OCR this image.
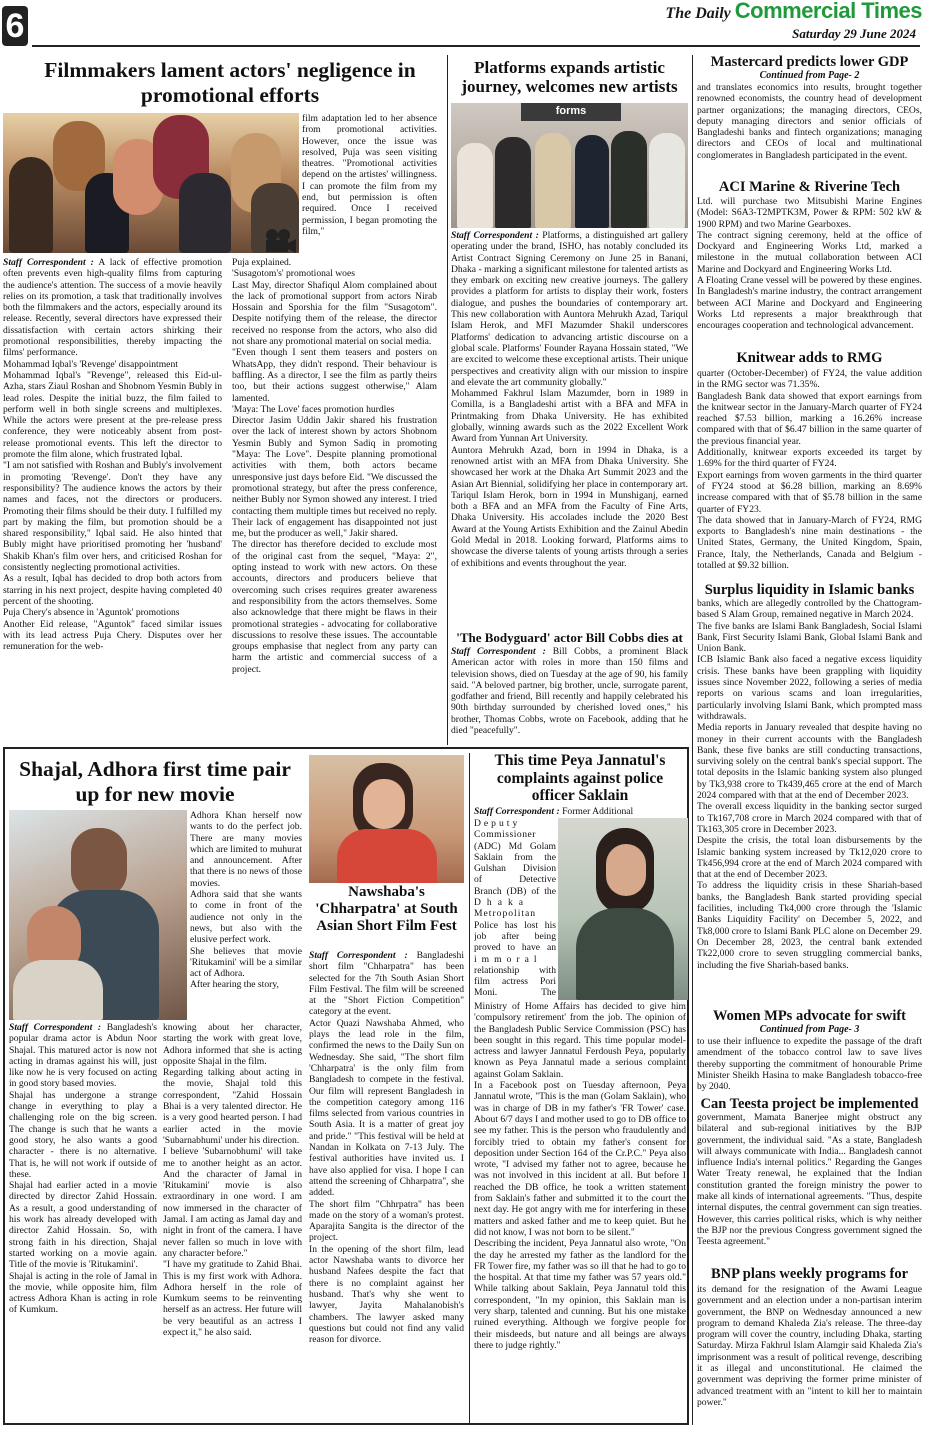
6	The Daily Commercial Times
Saturday 29 June 2024
Filmmakers lament actors' negligence in promotional efforts
film adaptation led to her absence from promotional activities. However, once the issue was resolved, Puja was seen visiting theatres. "Promotional activities depend on the artistes' willingness. I can promote the film from my end, but permission is often required. Once I received permission, I began promoting the film,"
Staff Correspondent : A lack of effective promotion often prevents even high-quality films from capturing the audience's attention. The success of a movie heavily relies on its promotion, a task that traditionally involves both the filmmakers and the actors, especially around its release. Recently, several directors have expressed their dissatisfaction with certain actors shirking their promotional responsibilities, thereby impacting the films' performance.
Mohammad Iqbal's 'Revenge' disappointment
Mohammad Iqbal's "Revenge", released this Eid-ul-Azha, stars Ziaul Roshan and Shobnom Yesmin Bubly in lead roles. Despite the initial buzz, the film failed to perform well in both single screens and multiplexes. While the actors were present at the pre-release press conference, they were noticeably absent from post-release promotional events. This left the director to promote the film alone, which frustrated Iqbal.
"I am not satisfied with Roshan and Bubly's involvement in promoting 'Revenge'. Don't they have any responsibility? The audience knows the actors by their names and faces, not the directors or producers. Promoting their films should be their duty. I fulfilled my part by making the film, but promotion should be a shared responsibility," Iqbal said. He also hinted that Bubly might have prioritised promoting her 'husband' Shakib Khan's film over hers, and criticised Roshan for consistently neglecting promotional activities.
As a result, Iqbal has decided to drop both actors from starring in his next project, despite having completed 40 percent of the shooting.
Puja Chery's absence in 'Aguntok' promotions
Another Eid release, "Aguntok" faced similar issues with its lead actress Puja Chery. Disputes over her remuneration for the web-
Puja explained.
'Susagotom's' promotional woes
Last May, director Shafiqul Alom complained about the lack of promotional support from actors Nirab Hossain and Sporshia for the film "Susagotom". Despite notifying them of the release, the director received no response from the actors, who also did not share any promotional material on social media.
"Even though I sent them teasers and posters on WhatsApp, they didn't respond. Their behaviour is baffling. As a director, I see the film as partly theirs too, but their actions suggest otherwise," Alam lamented.
'Maya: The Love' faces promotion hurdles
Director Jasim Uddin Jakir shared his frustration over the lack of interest shown by actors Shobnom Yesmin Bubly and Symon Sadiq in promoting "Maya: The Love". Despite planning promotional activities with them, both actors became unresponsive just days before Eid. "We discussed the promotional strategy, but after the press conference, neither Bubly nor Symon showed any interest. I tried contacting them multiple times but received no reply. Their lack of engagement has disappointed not just me, but the producer as well," Jakir shared.
The director has therefore decided to exclude most of the original cast from the sequel, "Maya: 2", opting instead to work with new actors. On these accounts, directors and producers believe that overcoming such crises requires greater awareness and responsibility from the actors themselves. Some also acknowledge that there might be flaws in their promotional strategies - advocating for collaborative discussions to resolve these issues. The accountable groups emphasise that neglect from any party can harm the artistic and commercial success of a project.
Platforms expands artistic journey, welcomes new artists
forms
Staff Correspondent : Platforms, a distinguished art gallery operating under the brand, ISHO, has notably concluded its Artist Contract Signing Ceremony on June 25 in Banani, Dhaka - marking a significant milestone for talented artists as they embark on exciting new creative journeys. The gallery provides a platform for artists to display their work, fosters dialogue, and pushes the boundaries of contemporary art. This new collaboration with Auntora Mehrukh Azad, Tariqul Islam Herok, and MFI Mazumder Shakil underscores Platforms' dedication to advancing artistic discourse on a global scale. Platforms' Founder Rayana Hossain stated, "We are excited to welcome these exceptional artists. Their unique perspectives and creativity align with our mission to inspire and elevate the art community globally."
Mohammed Fakhrul Islam Mazumder, born in 1989 in Comilla, is a Bangladeshi artist with a BFA and MFA in Printmaking from Dhaka University. He has exhibited globally, winning awards such as the 2022 Excellent Work Award from Yunnan Art University.
Auntora Mehrukh Azad, born in 1994 in Dhaka, is a renowned artist with an MFA from Dhaka University. She showcased her work at the Dhaka Art Summit 2023 and the Asian Art Biennial, solidifying her place in contemporary art. Tariqul Islam Herok, born in 1994 in Munshiganj, earned both a BFA and an MFA from the Faculty of Fine Arts, Dhaka University. His accolades include the 2020 Best Award at the Young Artists Exhibition and the Zainul Abedin Gold Medal in 2018. Looking forward, Platforms aims to showcase the diverse talents of young artists through a series of exhibitions and events throughout the year.
'The Bodyguard' actor Bill Cobbs dies at
Staff Correspondent : Bill Cobbs, a prominent Black American actor with roles in more than 150 films and television shows, died on Tuesday at the age of 90, his family said. "A beloved partner, big brother, uncle, surrogate parent, godfather and friend, Bill recently and happily celebrated his 90th birthday surrounded by cherished loved ones," his brother, Thomas Cobbs, wrote on Facebook, adding that he died "peacefully".
Mastercard predicts lower GDP
Continued from Page- 2
and translates economics into results, brought together renowned economists, the country head of development partner organizations; the managing directors, CEOs, deputy managing directors and senior officials of Bangladeshi banks and fintech organizations; managing directors and CEOs of local and multinational conglomerates in Bangladesh participated in the event.
ACI Marine & Riverine Tech
Ltd. will purchase two Mitsubishi Marine Engines (Model: S6A3-T2MPTK3M, Power & RPM: 502 kW & 1900 RPM) and two Marine Gearboxes.
The contract signing ceremony, held at the office of Dockyard and Engineering Works Ltd, marked a milestone in the mutual collaboration between ACI Marine and Dockyard and Engineering Works Ltd.
A Floating Crane vessel will be powered by these engines. In Bangladesh's marine industry, the contract arrangement between ACI Marine and Dockyard and Engineering Works Ltd represents a major breakthrough that encourages cooperation and technological advancement.
Knitwear adds to RMG
quarter (October-December) of FY24, the value addition in the RMG sector was 71.35%.
Bangladesh Bank data showed that export earnings from the knitwear sector in the January-March quarter of FY24 reached $7.53 billion, marking a 16.26% increase compared with that of $6.47 billion in the same quarter of the previous financial year.
Additionally, knitwear exports exceeded its target by 1.69% for the third quarter of FY24.
Export earnings from woven garments in the third quarter of FY24 stood at $6.28 billion, marking an 8.69% increase compared with that of $5.78 billion in the same quarter of FY23.
The data showed that in January-March of FY24, RMG exports to Bangladesh's nine main destinations - the United States, Germany, the United Kingdom, Spain, France, Italy, the Netherlands, Canada and Belgium - totalled at $9.32 billion.
Surplus liquidity in Islamic banks
banks, which are allegedly controlled by the Chattogram-based S Alam Group, remained negative in March 2024.
The five banks are Islami Bank Bangladesh, Social Islami Bank, First Security Islami Bank, Global Islami Bank and Union Bank.
ICB Islamic Bank also faced a negative excess liquidity crisis. These banks have been grappling with liquidity issues since November 2022, following a series of media reports on various scams and loan irregularities, particularly involving Islami Bank, which prompted mass withdrawals.
Media reports in January revealed that despite having no money in their current accounts with the Bangladesh Bank, these five banks are still conducting transactions, surviving solely on the central bank's special support. The total deposits in the Islamic banking system also plunged by Tk3,938 crore to Tk439,465 crore at the end of March 2024 compared with that at the end of December 2023.
The overall excess liquidity in the banking sector surged to Tk167,708 crore in March 2024 compared with that of Tk163,305 crore in December 2023.
Despite the crisis, the total loan disbursements by the Islamic banking system increased by Tk12,020 crore to Tk456,994 crore at the end of March 2024 compared with that at the end of December 2023.
To address the liquidity crisis in these Shariah-based banks, the Bangladesh Bank started providing special facilities, including Tk4,000 crore through the 'Islamic Banks Liquidity Facility' on December 5, 2022, and Tk8,000 crore to Islami Bank PLC alone on December 29. On December 28, 2023, the central bank extended Tk22,000 crore to seven struggling commercial banks, including the five Shariah-based banks.
Women MPs advocate for swift
Continued from Page- 3
to use their influence to expedite the passage of the draft amendment of the tobacco control law to save lives thereby supporting the commitment of honourable Prime Minister Sheikh Hasina to make Bangladesh tobacco-free by 2040.
Can Teesta project be implemented
government, Mamata Banerjee might obstruct any bilateral and sub-regional initiatives by the BJP government, the individual said. "As a state, Bangladesh will always communicate with India... Bangladesh cannot influence India's internal politics." Regarding the Ganges Water Treaty renewal, he explained that the Indian constitution granted the foreign ministry the power to make all kinds of international agreements. "Thus, despite internal disputes, the central government can sign treaties. However, this carries political risks, which is why neither the BJP nor the previous Congress government signed the Teesta agreement."
BNP plans weekly programs for
its demand for the resignation of the Awami League government and an election under a non-partisan interim government, the BNP on Wednesday announced a new program to demand Khaleda Zia's release. The three-day program will cover the country, including Dhaka, starting Saturday. Mirza Fakhrul Islam Alamgir said Khaleda Zia's imprisonment was a result of political revenge, describing it as illegal and unconstitutional. He claimed the government was depriving the former prime minister of advanced treatment with an "intent to kill her to maintain power."
Shajal, Adhora first time pair up for new movie
Adhora Khan herself now wants to do the perfect job. There are many movies which are limited to muhurat and announcement. After that there is no news of those movies.
Adhora said that she wants to come in front of the audience not only in the news, but also with the elusive perfect work.
She believes that movie 'Ritukamini' will be a similar act of Adhora.
After hearing the story,
Staff Correspondent : Bangladesh's popular drama actor is Abdun Noor Shajal. This matured actor is now not acting in dramas against his will, just like now he is very focused on acting in good story based movies.
Shajal has undergone a strange change in everything to play a challenging role on the big screen. The change is such that he wants a good story, he also wants a good character - there is no alternative. That is, he will not work if outside of these.
Shajal had earlier acted in a movie directed by director Zahid Hossain. As a result, a good understanding of his work has already developed with director Zahid Hossain. So, with strong faith in his direction, Shajal started working on a movie again. Title of the movie is 'Ritukamini'.
Shajal is acting in the role of Jamal in the movie, while opposite him, film actress Adhora Khan is acting in role of Kumkum.
knowing about her character, starting the work with great love, Adhora informed that she is acting opposite Shajal in the film.
Regarding talking about acting in the movie, Shajal told this correspondent, "Zahid Hossain Bhai is a very talented director. He is a very good hearted person. I had earlier acted in the movie 'Subarnabhumi' under his direction.
I believe 'Subarnobhumi' will take me to another height as an actor. And the character of Jamal in 'Ritukamini' movie is also extraordinary in one word. I am now immersed in the character of Jamal. I am acting as Jamal day and night in front of the camera. I have never fallen so much in love with any character before."
"I have my gratitude to Zahid Bhai. This is my first work with Adhora. Adhora herself in the role of Kumkum seems to be reinventing herself as an actress. Her future will be very beautiful as an actress I expect it," he also said.
Nawshaba's 'Chharpatra' at South Asian Short Film Fest
Staff Correspondent : Bangladeshi short film "Chharpatra" has been selected for the 7th South Asian Short Film Festival. The film will be screened at the "Short Fiction Competition" category at the event.
Actor Quazi Nawshaba Ahmed, who plays the lead role in the film, confirmed the news to the Daily Sun on Wednesday. She said, "The short film 'Chharpatra' is the only film from Bangladesh to compete in the festival. Our film will represent Bangladesh in the competition category among 116 films selected from various countries in South Asia. It is a matter of great joy and pride." "This festival will be held at Nandan in Kolkata on 7-13 July. The festival authorities have invited us. I have also applied for visa. I hope I can attend the screening of Chharpatra", she added.
The short film "Chhrpatra" has been made on the story of a woman's protest. Aparajita Sangita is the director of the project.
In the opening of the short film, lead actor Nawshaba wants to divorce her husband Nafees despite the fact that there is no complaint against her husband. That's why she went to lawyer, Jayita Mahalanobish's chambers. The lawyer asked many questions but could not find any valid reason for divorce.
This time Peya Jannatul's complaints against police officer Saklain
Staff Correspondent : Former Additional
Deputy
Commissioner
(ADC) Md Golam
Saklain from the
Gulshan Division
of Detective
Branch (DB) of the
Dhaka
Metropolitan
Police has lost his
job after being
proved to have an
immoral
relationship with
film actress Pori
Moni. The
Ministry of Home Affairs has decided to give him 'compulsory retirement' from the job. The opinion of the Bangladesh Public Service Commission (PSC) has been sought in this regard. This time popular model-actress and lawyer Jannatul Ferdoush Peya, popularly known as Peya Jannatul made a serious complaint against Golam Saklain.
In a Facebook post on Tuesday afternoon, Peya Jannatul wrote, "This is the man (Golam Saklain), who was in charge of DB in my father's 'FR Tower' case. About 6/7 days I and mother used to go to DB office to see my father. This is the person who fraudulently and forcibly tried to obtain my father's consent for deposition under Section 164 of the Cr.P.C." Peya also wrote, "I advised my father not to agree, because he was not involved in this incident at all. But before I reached the DB office, he took a written statement from Saklain's father and submitted it to the court the next day. He got angry with me for interfering in these matters and asked father and me to keep quiet. But he did not know, I was not born to be silent."
Describing the incident, Peya Jannatul also wrote, "On the day he arrested my father as the landlord for the FR Tower fire, my father was so ill that he had to go to the hospital. At that time my father was 57 years old." While talking about Saklain, Peya Jannatul told this correspondent, "In my opinion, this Saklain man is very sharp, talented and cunning. But his one mistake ruined everything. Although we forgive people for their misdeeds, but nature and all beings are always there to judge rightly."
